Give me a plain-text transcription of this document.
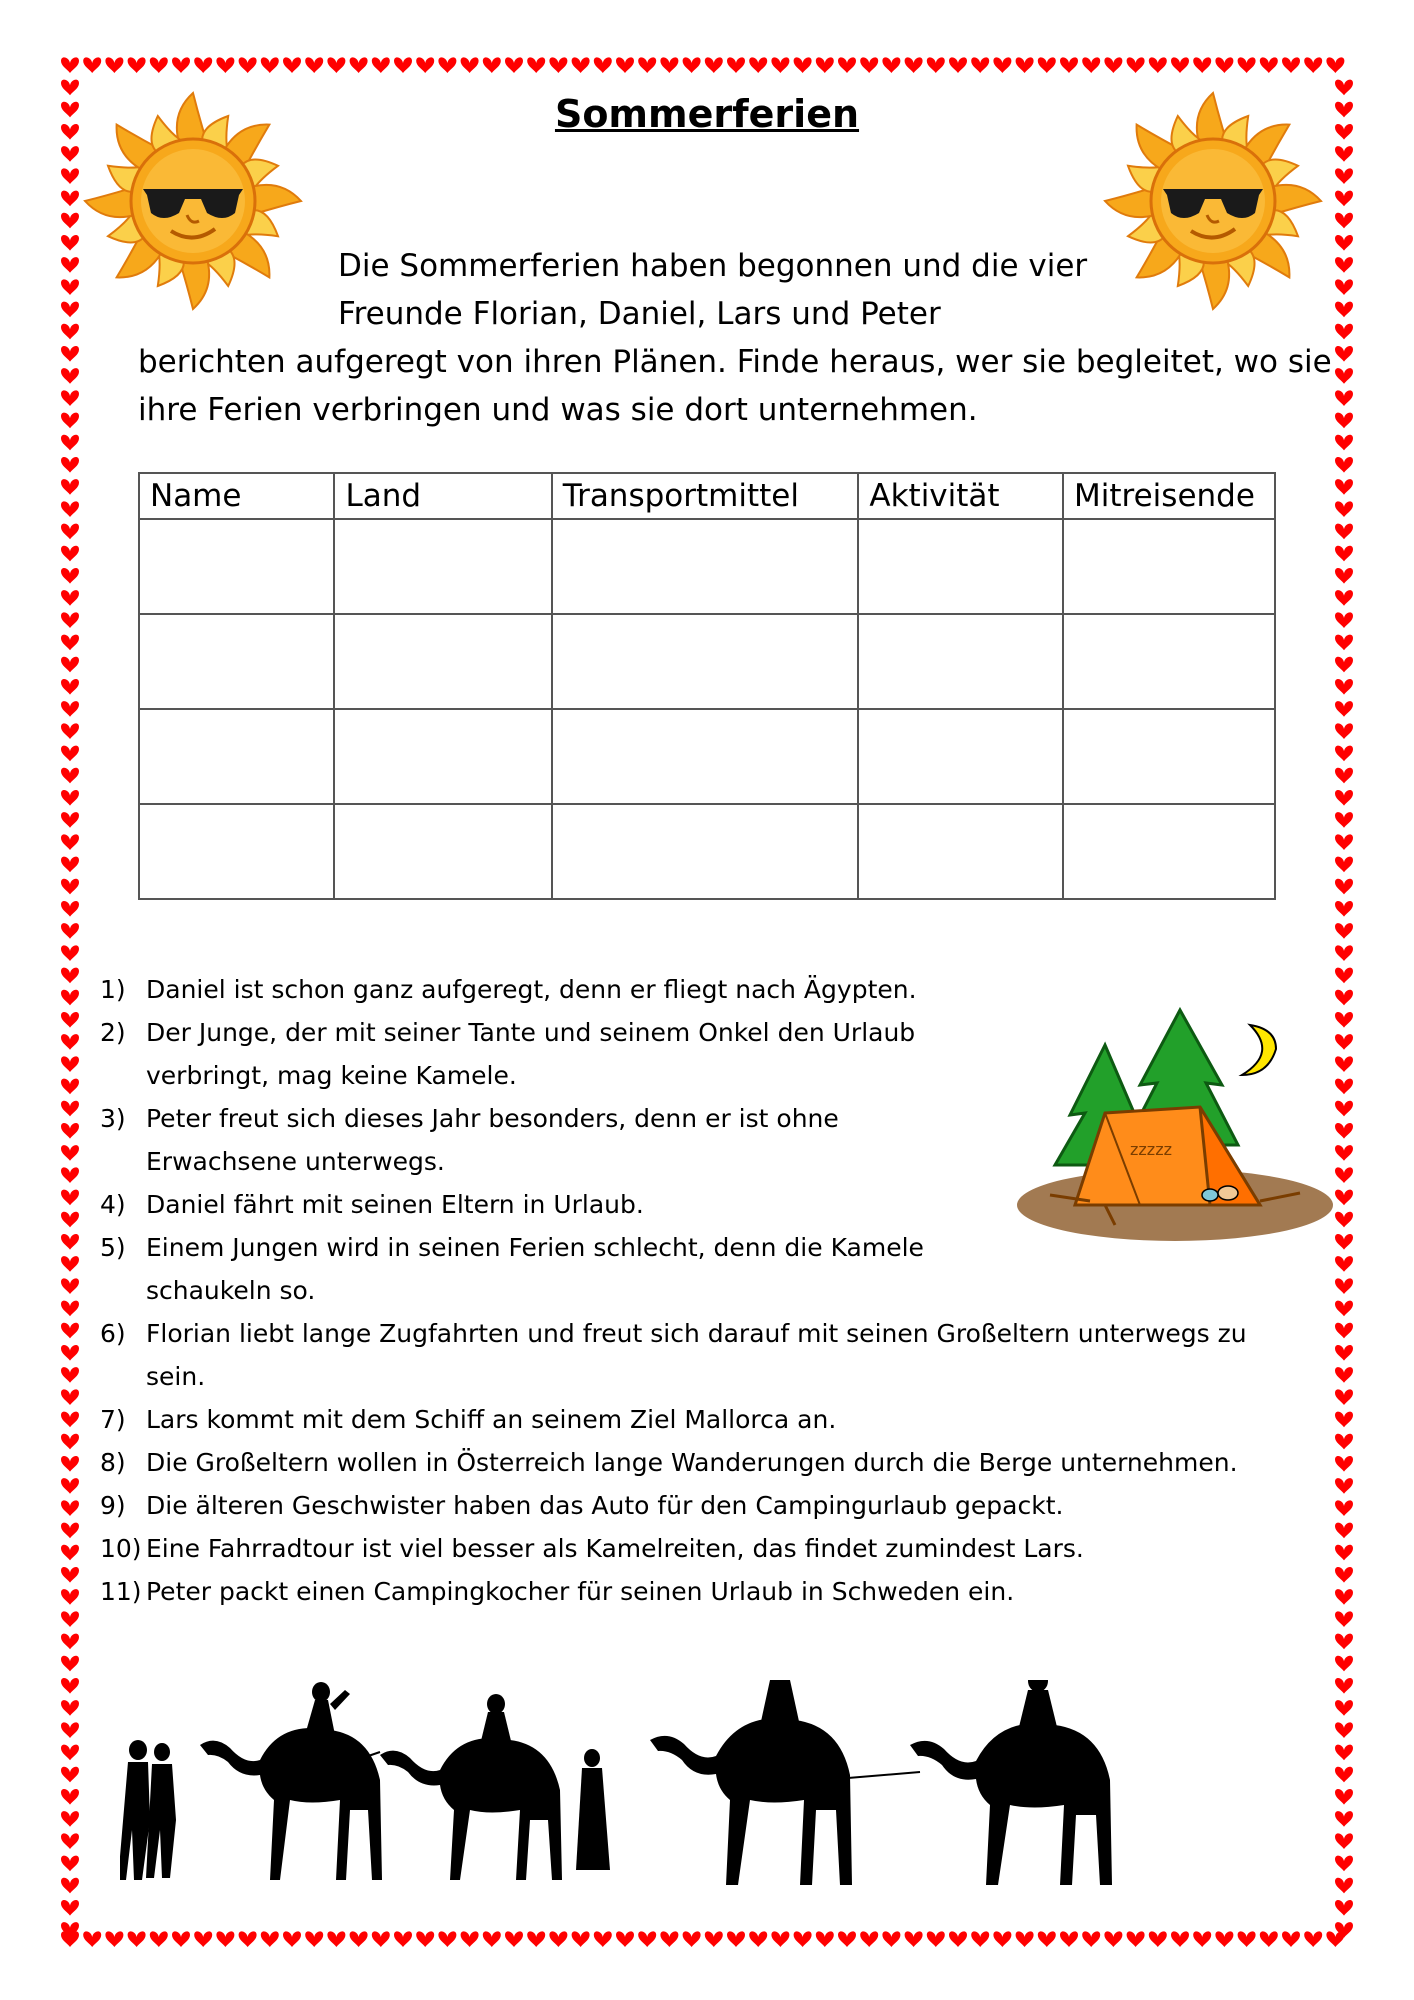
Sommerferien
Die Sommerferien haben begonnen und die vier
Freunde Florian, Daniel, Lars und Peter
berichten aufgeregt von ihren Plänen. Finde heraus, wer sie begleitet, wo sie
ihre Ferien verbringen und was sie dort unternehmen.
Name	Land	Transportmittel	Aktivität	Mitreisende

1) Daniel ist schon ganz aufgeregt, denn er fliegt nach Ägypten.
2) Der Junge, der mit seiner Tante und seinem Onkel den Urlaub
verbringt, mag keine Kamele.
3) Peter freut sich dieses Jahr besonders, denn er ist ohne
Erwachsene unterwegs.
4) Daniel fährt mit seinen Eltern in Urlaub.
5) Einem Jungen wird in seinen Ferien schlecht, denn die Kamele
schaukeln so.
6) Florian liebt lange Zugfahrten und freut sich darauf mit seinen Großeltern unterwegs zu
sein.
7) Lars kommt mit dem Schiff an seinem Ziel Mallorca an.
8) Die Großeltern wollen in Österreich lange Wanderungen durch die Berge unternehmen.
9) Die älteren Geschwister haben das Auto für den Campingurlaub gepackt.
10) Eine Fahrradtour ist viel besser als Kamelreiten, das findet zumindest Lars.
11) Peter packt einen Campingkocher für seinen Urlaub in Schweden ein.
zzzzz
